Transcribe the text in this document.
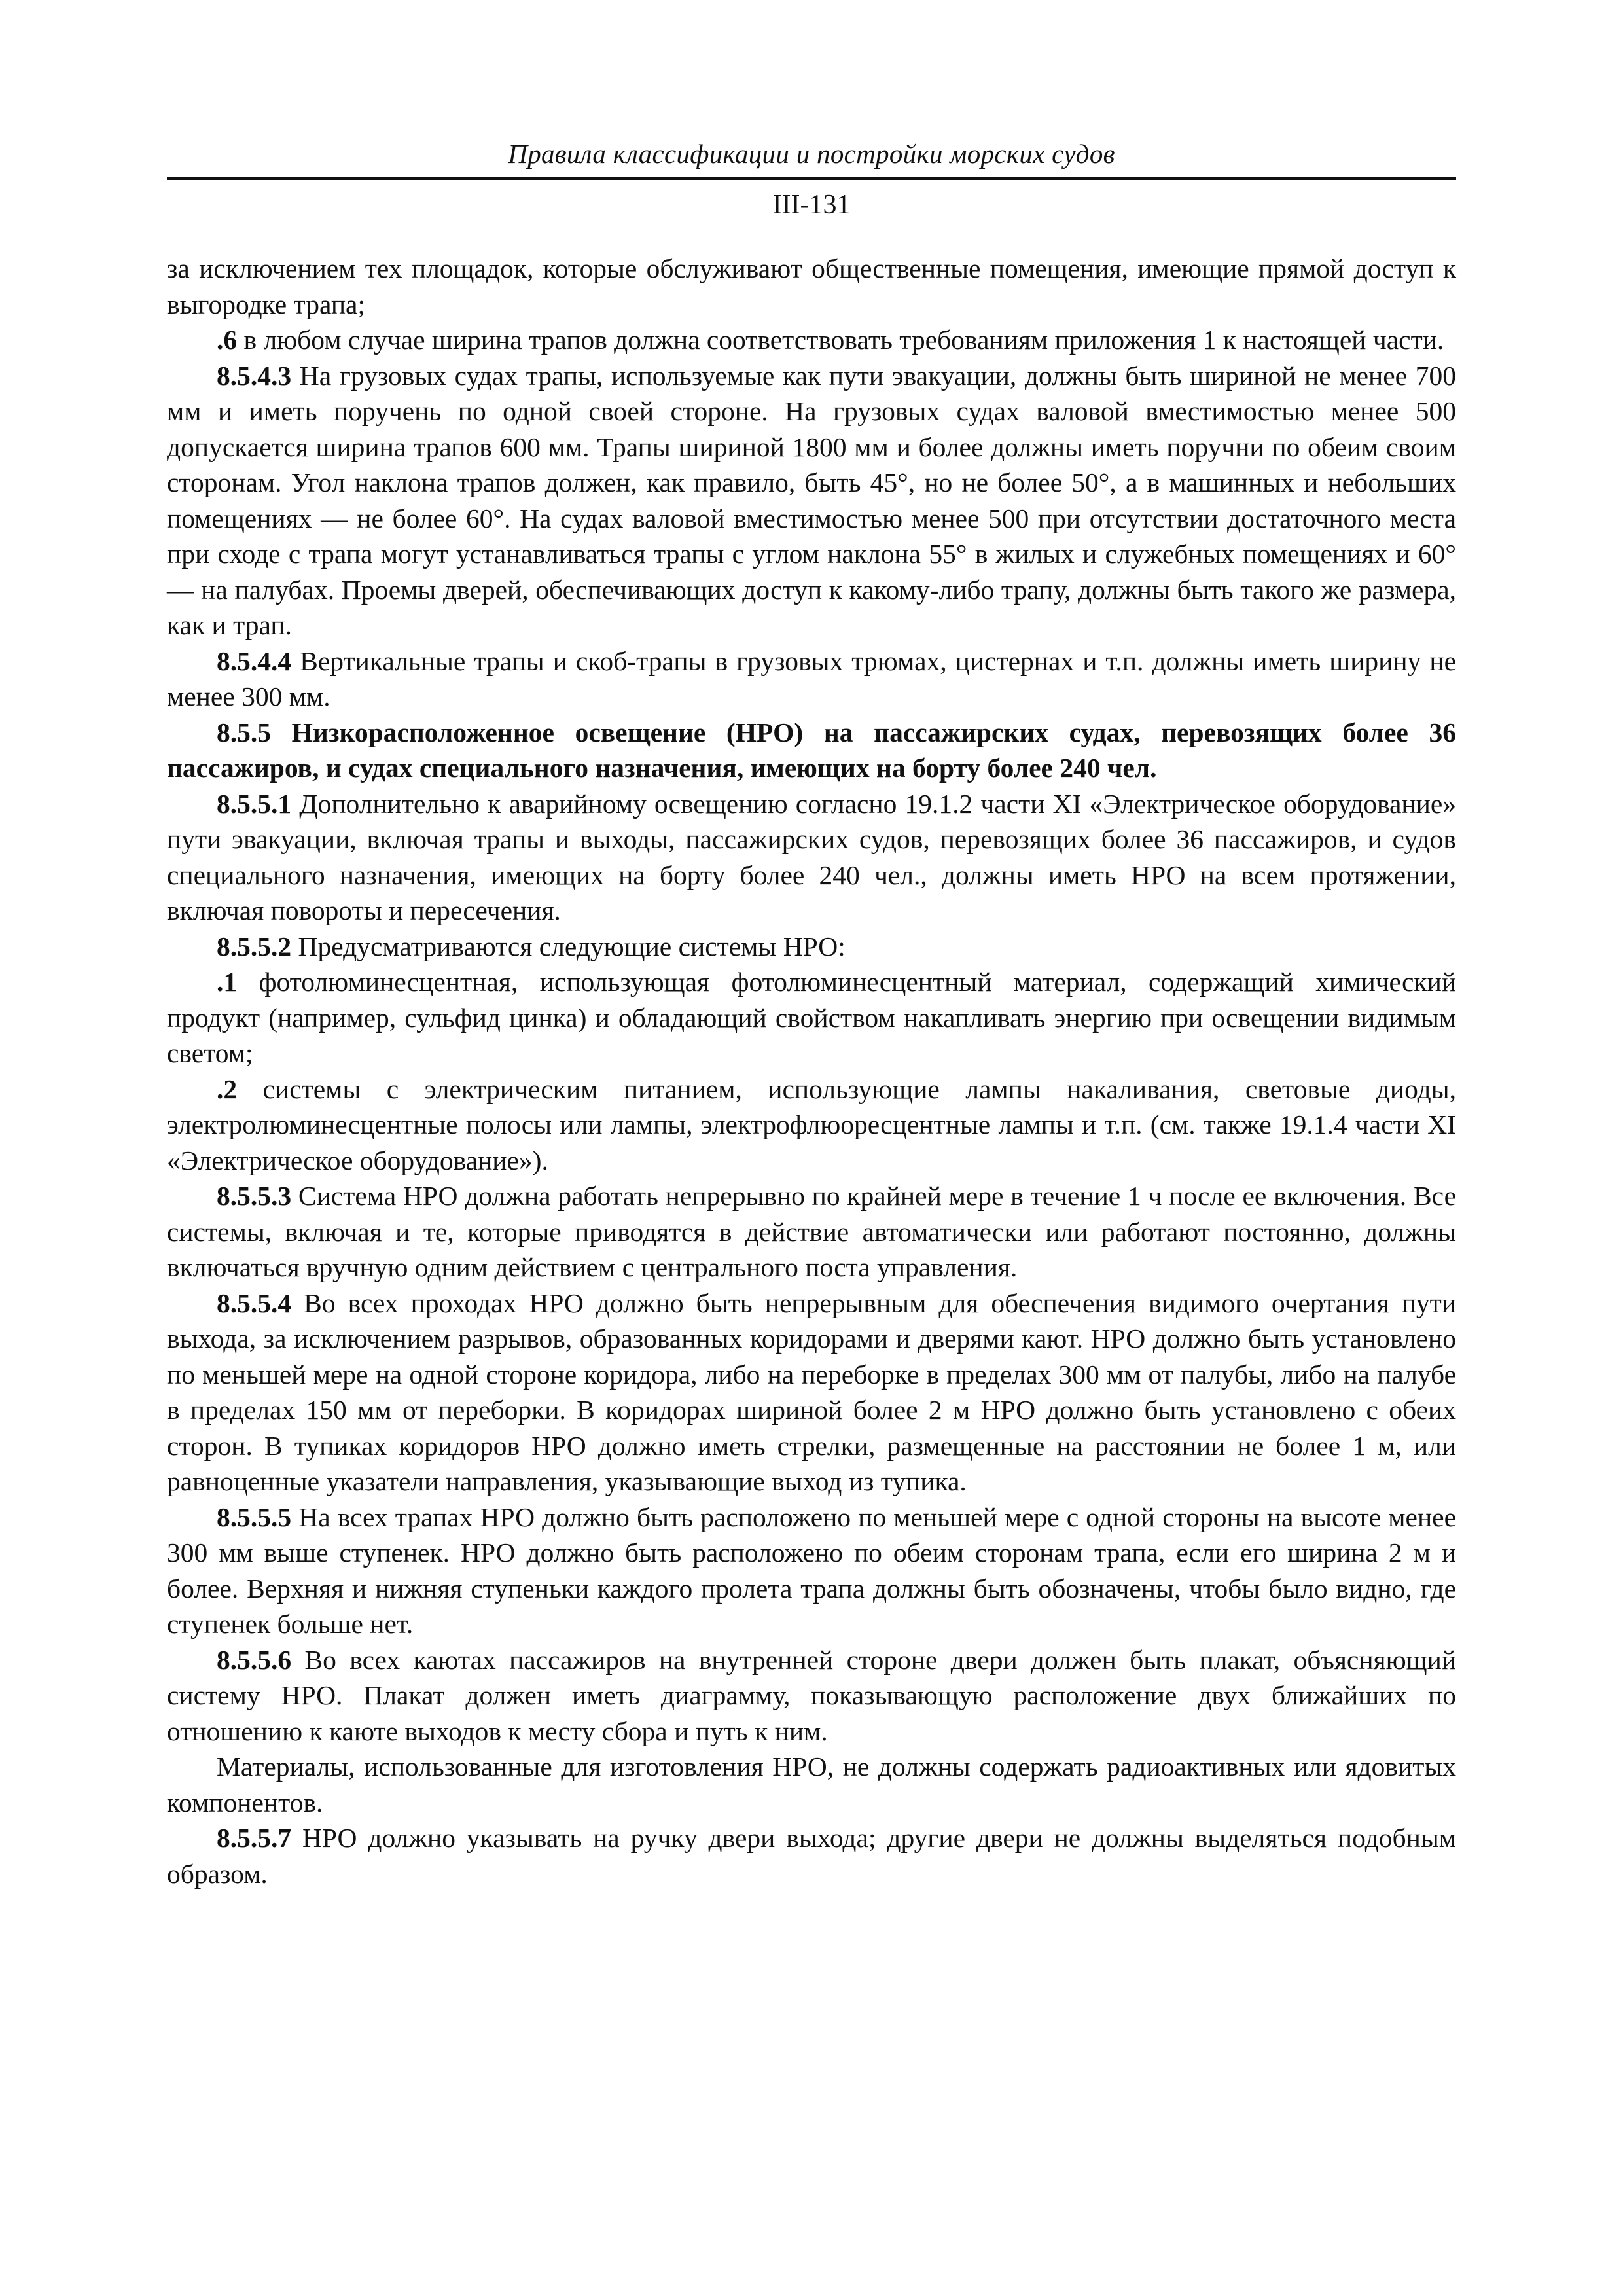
Правила классификации и постройки морских судов
III-131

за исключением тех площадок, которые обслуживают общественные помещения, имеющие прямой доступ к выгородке трапа;

.6 в любом случае ширина трапов должна соответствовать требованиям приложения 1 к настоящей части.

8.5.4.3 На грузовых судах трапы, используемые как пути эвакуации, должны быть шириной не менее 700 мм и иметь поручень по одной своей стороне. На грузовых судах валовой вместимостью менее 500 допускается ширина трапов 600 мм. Трапы шириной 1800 мм и более должны иметь поручни по обеим своим сторонам. Угол наклона трапов должен, как правило, быть 45°, но не более 50°, а в машинных и небольших помещениях — не более 60°. На судах валовой вместимостью менее 500 при отсутствии достаточного места при сходе с трапа могут устанавливаться трапы с углом наклона 55° в жилых и служебных помещениях и 60° — на палубах. Проемы дверей, обеспечивающих доступ к какому-либо трапу, должны быть такого же размера, как и трап.

8.5.4.4 Вертикальные трапы и скоб-трапы в грузовых трюмах, цистернах и т.п. должны иметь ширину не менее 300 мм.

8.5.5 Низкорасположенное освещение (НРО) на пассажирских судах, перевозящих более 36 пассажиров, и судах специального назначения, имеющих на борту более 240 чел.

8.5.5.1 Дополнительно к аварийному освещению согласно 19.1.2 части XI «Электрическое оборудование» пути эвакуации, включая трапы и выходы, пассажирских судов, перевозящих более 36 пассажиров, и судов специального назначения, имеющих на борту более 240 чел., должны иметь НРО на всем протяжении, включая повороты и пересечения.

8.5.5.2 Предусматриваются следующие системы НРО:

.1 фотолюминесцентная, использующая фотолюминесцентный материал, содержащий химический продукт (например, сульфид цинка) и обладающий свойством накапливать энергию при освещении видимым светом;

.2 системы с электрическим питанием, использующие лампы накаливания, световые диоды, электролюминесцентные полосы или лампы, электрофлюоресцентные лампы и т.п. (см. также 19.1.4 части XI «Электрическое оборудование»).

8.5.5.3 Система НРО должна работать непрерывно по крайней мере в течение 1 ч после ее включения. Все системы, включая и те, которые приводятся в действие автоматически или работают постоянно, должны включаться вручную одним действием с центрального поста управления.

8.5.5.4 Во всех проходах НРО должно быть непрерывным для обеспечения видимого очертания пути выхода, за исключением разрывов, образованных коридорами и дверями кают. НРО должно быть установлено по меньшей мере на одной стороне коридора, либо на переборке в пределах 300 мм от палубы, либо на палубе в пределах 150 мм от переборки. В коридорах шириной более 2 м НРО должно быть установлено с обеих сторон. В тупиках коридоров НРО должно иметь стрелки, размещенные на расстоянии не более 1 м, или равноценные указатели направления, указывающие выход из тупика.

8.5.5.5 На всех трапах НРО должно быть расположено по меньшей мере с одной стороны на высоте менее 300 мм выше ступенек. НРО должно быть расположено по обеим сторонам трапа, если его ширина 2 м и более. Верхняя и нижняя ступеньки каждого пролета трапа должны быть обозначены, чтобы было видно, где ступенек больше нет.

8.5.5.6 Во всех каютах пассажиров на внутренней стороне двери должен быть плакат, объясняющий систему НРО. Плакат должен иметь диаграмму, показывающую расположение двух ближайших по отношению к каюте выходов к месту сбора и путь к ним.

Материалы, использованные для изготовления НРО, не должны содержать радиоактивных или ядовитых компонентов.

8.5.5.7 НРО должно указывать на ручку двери выхода; другие двери не должны выделяться подобным образом.
